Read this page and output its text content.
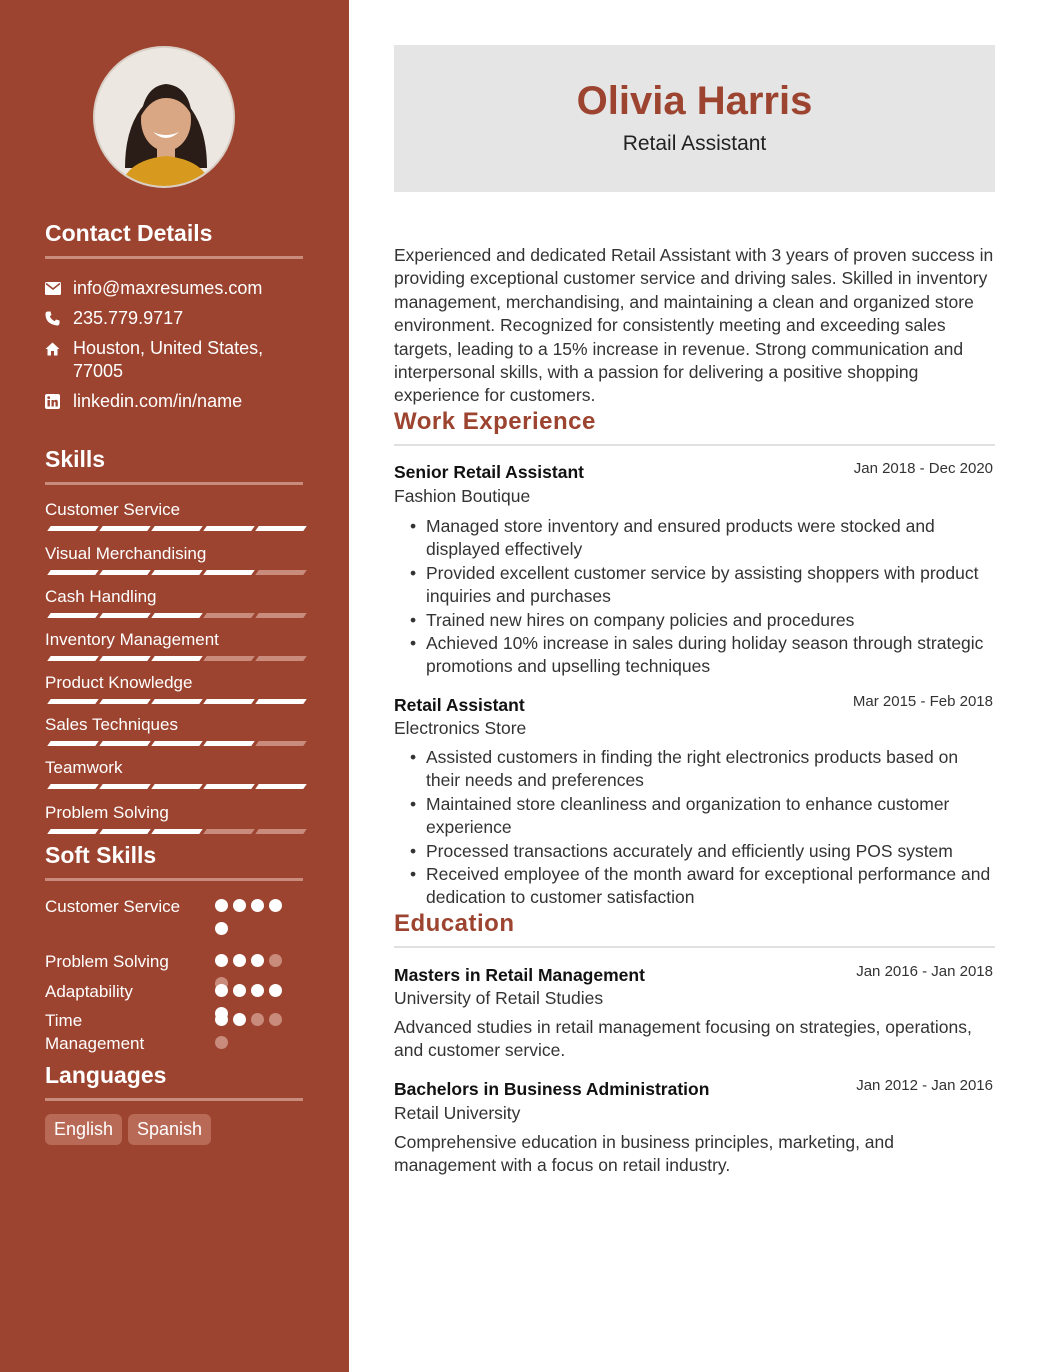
Contact Details
info@maxresumes.com
235.779.9717
Houston, United States, 77005
linkedin.com/in/name
Skills
Customer Service
Visual Merchandising
Cash Handling
Inventory Management
Product Knowledge
Sales Techniques
Teamwork
Problem Solving
Soft Skills
Customer Service
Problem Solving
Adaptability
Time Management
Languages
English	Spanish
Olivia Harris
Retail Assistant

Experienced and dedicated Retail Assistant with 3 years of proven success in providing exceptional customer service and driving sales. Skilled in inventory management, merchandising, and maintaining a clean and organized store environment. Recognized for consistently meeting and exceeding sales targets, leading to a 15% increase in revenue. Strong communication and interpersonal skills, with a passion for delivering a positive shopping experience for customers.

Work Experience
Senior Retail Assistant	Jan 2018 - Dec 2020
Fashion Boutique
• Managed store inventory and ensured products were stocked and displayed effectively
• Provided excellent customer service by assisting shoppers with product inquiries and purchases
• Trained new hires on company policies and procedures
• Achieved 10% increase in sales during holiday season through strategic promotions and upselling techniques
Retail Assistant	Mar 2015 - Feb 2018
Electronics Store
• Assisted customers in finding the right electronics products based on their needs and preferences
• Maintained store cleanliness and organization to enhance customer experience
• Processed transactions accurately and efficiently using POS system
• Received employee of the month award for exceptional performance and dedication to customer satisfaction
Education
Masters in Retail Management	Jan 2016 - Jan 2018
University of Retail Studies

Advanced studies in retail management focusing on strategies, operations, and customer service.

Bachelors in Business Administration	Jan 2012 - Jan 2016
Retail University

Comprehensive education in business principles, marketing, and management with a focus on retail industry.
